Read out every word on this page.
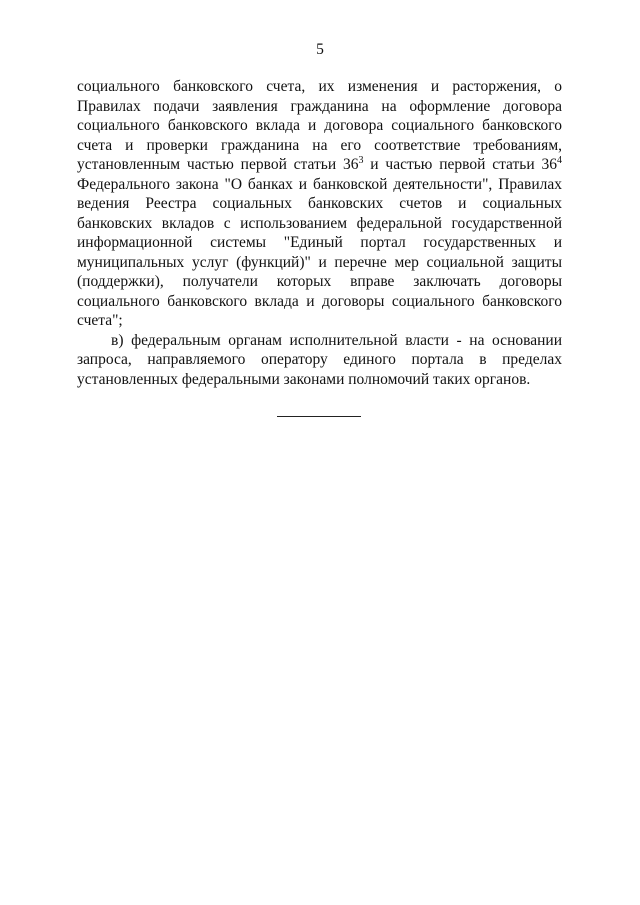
5

социального банковского счета, их изменения и расторжения, о Правилах подачи заявления гражданина на оформление договора социального банковского вклада и договора социального банковского счета и проверки гражданина на его соответствие требованиям, установленным частью первой статьи $36^3$ и частью первой статьи $36^4$ Федерального закона "О банках и банковской деятельности", Правилах ведения Реестра социальных банковских счетов и социальных банковских вкладов с использованием федеральной государственной информационной системы "Единый портал государственных и муниципальных услуг (функций)" и перечне мер социальной защиты (поддержки), получатели которых вправе заключать договоры социального банковского вклада и договоры социального банковского счета";

в) федеральным органам исполнительной власти - на основании запроса, направляемого оператору единого портала в пределах установленных федеральными законами полномочий таких органов.
